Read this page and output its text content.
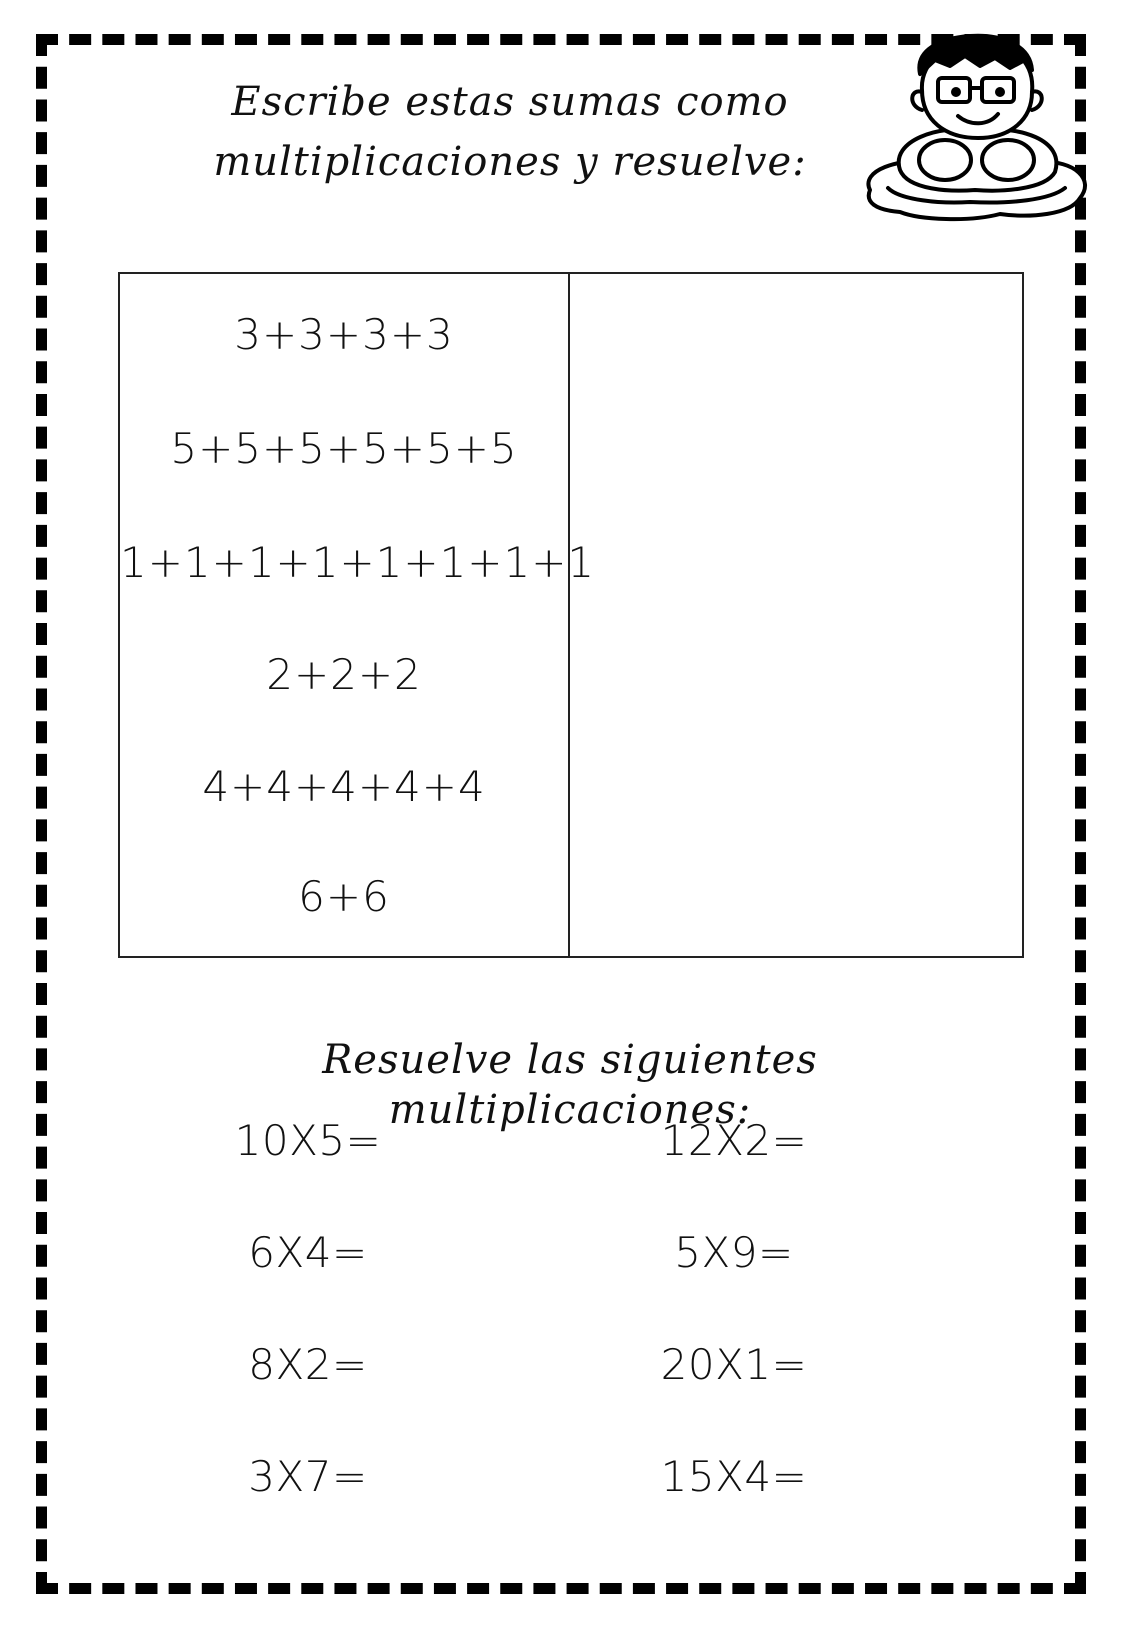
Escribe estas sumas como
multiplicaciones y resuelve:
3+3+3+3
5+5+5+5+5+5
1+1+1+1+1+1+1+1
2+2+2
4+4+4+4+4
6+6
Resuelve las siguientes multiplicaciones:
10X5=
6X4=
8X2=
3X7=
12X2=
5X9=
20X1=
15X4=
